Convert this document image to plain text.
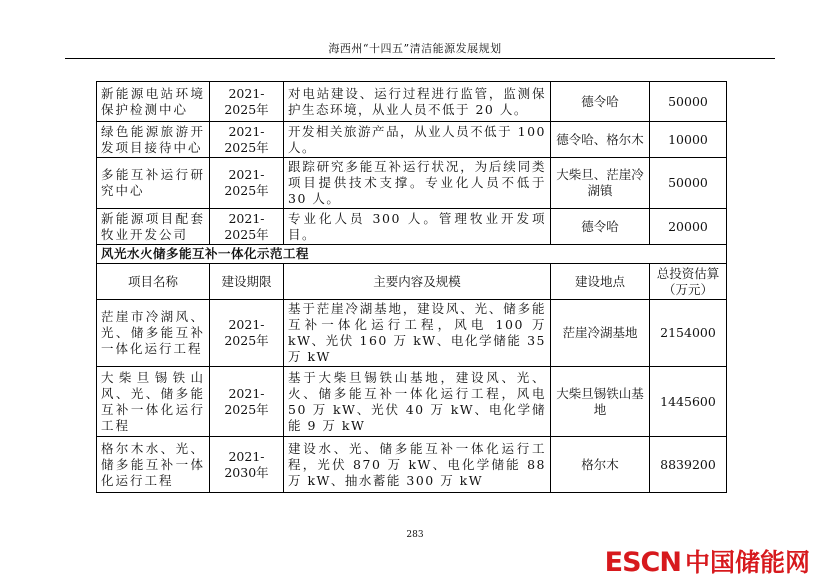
海西州“十四五”清洁能源发展规划
新能源电站环境保护检测中心	2021-2025年	对电站建设、运行过程进行监管，监测保护生态环境，从业人员不低于 20 人。	德令哈	50000
绿色能源旅游开发项目接待中心	2021-2025年	开发相关旅游产品，从业人员不低于 100 人。	德令哈、格尔木	10000
多能互补运行研究中心	2021-2025年	跟踪研究多能互补运行状况，为后续同类项目提供技术支撑。专业化人员不低于 30 人。	大柴旦、茫崖冷湖镇	50000
新能源项目配套牧业开发公司	2021-2025年	专业化人员 300 人。管理牧业开发项目。	德令哈	20000
风光水火储多能互补一体化示范工程				
项目名称	建设期限	主要内容及规模	建设地点	总投资估算（万元）
茫崖市冷湖风、光、储多能互补一体化运行工程	2021-2025年	基于茫崖冷湖基地，建设风、光、储多能互补一体化运行工程，风电 100 万 kW、光伏 160 万 kW、电化学储能 35 万 kW	茫崖冷湖基地	2154000
大柴旦锡铁山风、光、储多能互补一体化运行工程	2021-2025年	基于大柴旦锡铁山基地，建设风、光、火、储多能互补一体化运行工程，风电 50 万 kW、光伏 40 万 kW、电化学储能 9 万 kW	大柴旦锡铁山基地	1445600
格尔木水、光、储多能互补一体化运行工程	2021-2030年	建设水、光、储多能互补一体化运行工程，光伏 870 万 kW、电化学储能 88 万 kW、抽水蓄能 300 万 kW	格尔木	8839200
283
ESCN 中国储能网
